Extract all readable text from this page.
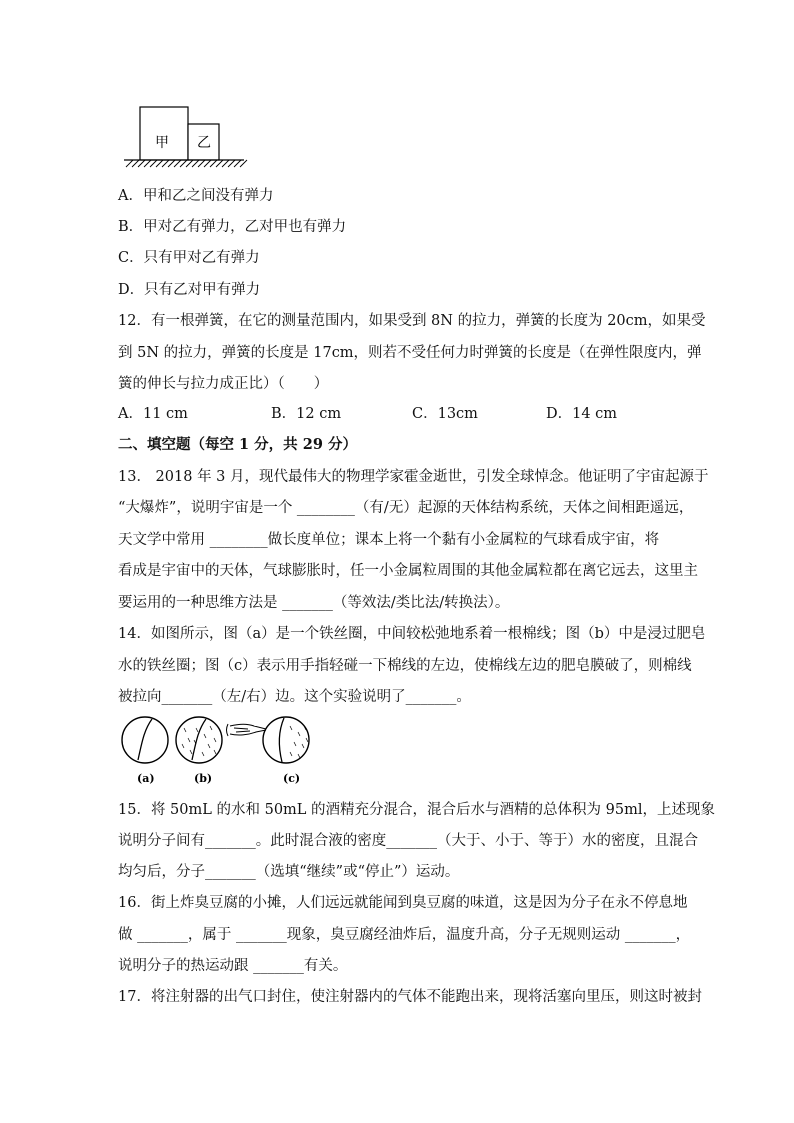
甲 乙
A．甲和乙之间没有弹力
B．甲对乙有弹力，乙对甲也有弹力
C．只有甲对乙有弹力
D．只有乙对甲有弹力
12．有一根弹簧，在它的测量范围内，如果受到 8N 的拉力，弹簧的长度为 20cm，如果受
到 5N 的拉力，弹簧的长度是 17cm，则若不受任何力时弹簧的长度是（在弹性限度内，弹
簧的伸长与拉力成正比）（　　）
A．11 cm	B．12 cm	C．13cm	D．14 cm
二、填空题（每空 1 分，共 29 分）
13． 2018 年 3 月，现代最伟大的物理学家霍金逝世，引发全球悼念。他证明了宇宙起源于
“大爆炸”，说明宇宙是一个 ________（有/无）起源的天体结构系统，天体之间相距遥远，
天文学中常用 ________做长度单位；课本上将一个黏有小金属粒的气球看成宇宙，将
看成是宇宙中的天体，气球膨胀时，任一小金属粒周围的其他金属粒都在离它远去，这里主
要运用的一种思维方法是 _______（等效法/类比法/转换法）。
14．如图所示，图（a）是一个铁丝圈，中间较松弛地系着一根棉线；图（b）中是浸过肥皂
水的铁丝圈；图（c）表示用手指轻碰一下棉线的左边，使棉线左边的肥皂膜破了，则棉线
被拉向_______（左/右）边。这个实验说明了_______。
(a)	(b)	(c)
15．将 50mL 的水和 50mL 的酒精充分混合，混合后水与酒精的总体积为 95ml，上述现象
说明分子间有_______。此时混合液的密度_______（大于、小于、等于）水的密度，且混合
均匀后，分子_______（选填“继续”或“停止”）运动。
16．街上炸臭豆腐的小摊，人们远远就能闻到臭豆腐的味道，这是因为分子在永不停息地
做 _______，属于 _______现象，臭豆腐经油炸后，温度升高，分子无规则运动 _______，
说明分子的热运动跟 _______有关。
17．将注射器的出气口封住，使注射器内的气体不能跑出来，现将活塞向里压，则这时被封
